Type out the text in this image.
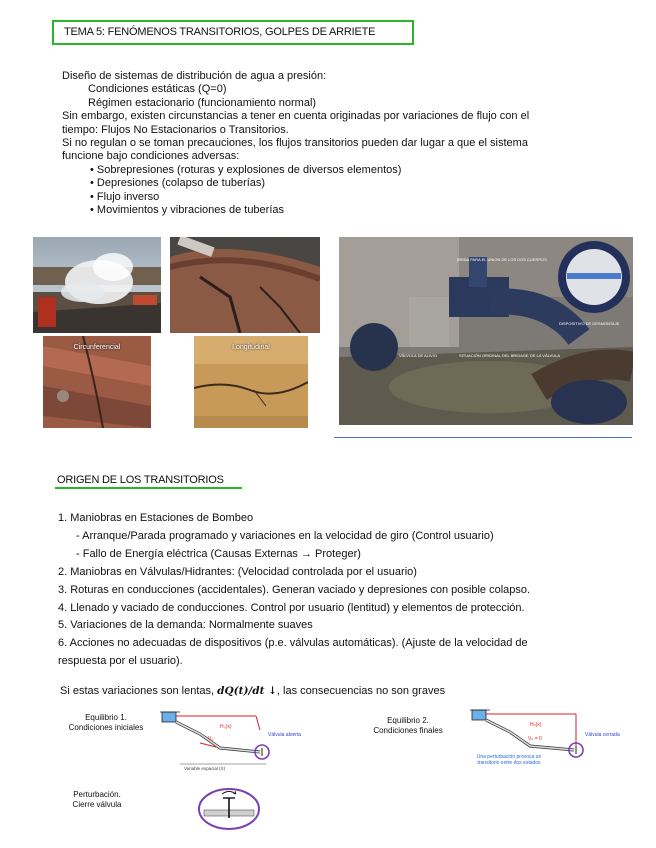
TEMA 5: FENÓMENOS TRANSITORIOS, GOLPES DE ARRIETE
Diseño de sistemas de distribución de agua a presión:
Condiciones estáticas (Q=0)
Régimen estacionario (funcionamiento normal)
Sin embargo, existen circunstancias a tener en cuenta originadas por variaciones de flujo con el
tiempo: Flujos No Estacionarios o Transitorios.
Si no regulan o se toman precauciones, los flujos transitorios pueden dar lugar a que el sistema
funcione bajo condiciones adversas:
• Sobrepresiones (roturas y explosiones de diversos elementos)
• Depresiones (colapso de tuberías)
• Flujo inverso
• Movimientos y vibraciones de tuberías
Circunferencial	Longitudinal
BRIDA PARA EL UNION DE LOS DOS CUERPOS
DISPOSITIVO DE DESMONTAJE
VÁLVULA DE ALIVIO	SITUACIÓN ORIGINAL DEL BRIDAGE DE LA VÁLVULA
ORIGEN DE LOS TRANSITORIOS
1. Maniobras en Estaciones de Bombeo
- Arranque/Parada programado y variaciones en la velocidad de giro (Control usuario)
- Fallo de Energía eléctrica (Causas Externas → Proteger)
2. Maniobras en Válvulas/Hidrantes: (Velocidad controlada por el usuario)
3. Roturas en conducciones (accidentales). Generan vaciado y depresiones con posible colapso.
4. Llenado y vaciado de conducciones. Control por usuario (lentitud) y elementos de protección.
5. Variaciones de la demanda: Normalmente suaves
6. Acciones no adecuadas de dispositivos (p.e. válvulas automáticas). (Ajuste de la velocidad de
respuesta por el usuario).
Si estas variaciones son lentas, dQ(t)/dt ↓, las consecuencias no son graves
Equilibrio 1.
Condiciones iniciales	H₀(x)
V₀
Válvula abierta
Variable espacial (X)
Equilibrio 2.
Condiciones finales
Hₙ(x)
Vₙ = 0
Válvula cerrada
Una perturbación provoca un transitorio entre dos estados
Perturbación.
Cierre válvula
